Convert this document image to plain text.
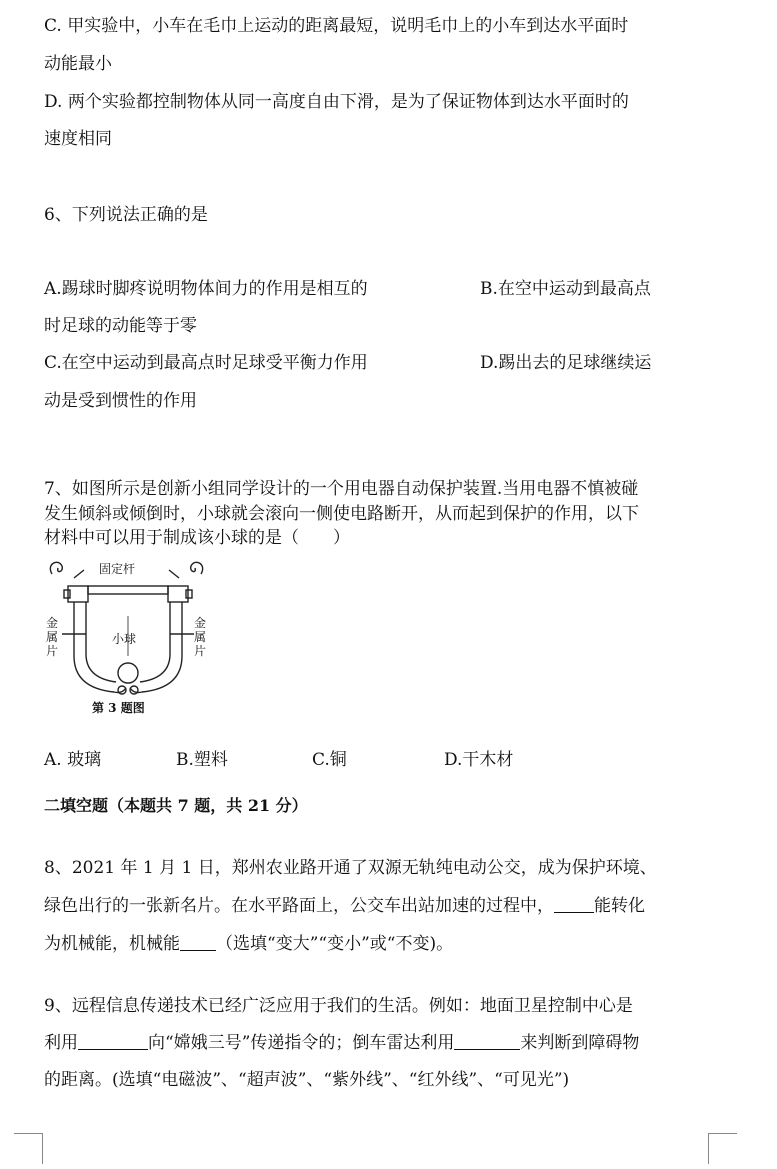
C. 甲实验中，小车在毛巾上运动的距离最短，说明毛巾上的小车到达水平面时
动能最小
D. 两个实验都控制物体从同一高度自由下滑，是为了保证物体到达水平面时的
速度相同
6、下列说法正确的是
A.踢球时脚疼说明物体间力的作用是相互的	B.在空中运动到最高点
时足球的动能等于零
C.在空中运动到最高点时足球受平衡力作用	D.踢出去的足球继续运
动是受到惯性的作用
7、如图所示是创新小组同学设计的一个用电器自动保护装置.当用电器不慎被碰
发生倾斜或倾倒时，小球就会滚向一侧使电路断开，从而起到保护的作用，以下
材料中可以用于制成该小球的是（　　）
固定杆
金
属
片
金
属
片
小球
第 3 题图
A. 玻璃	B.塑料	C.铜	D.干木材
二填空题（本题共 7 题，共 21 分）
8、2021 年 1 月 1 日，郑州农业路开通了双源无轨纯电动公交，成为保护环境、
绿色出行的一张新名片。在水平路面上，公交车出站加速的过程中， 能转化
为机械能，机械能 （选填“变大”“变小”或“不变)。
9、远程信息传递技术已经广泛应用于我们的生活。例如：地面卫星控制中心是
利用	向“嫦娥三号”传递指令的；倒车雷达利用	来判断到障碍物
的距离。(选填“电磁波”、“超声波”、“紫外线”、“红外线”、“可见光”)
